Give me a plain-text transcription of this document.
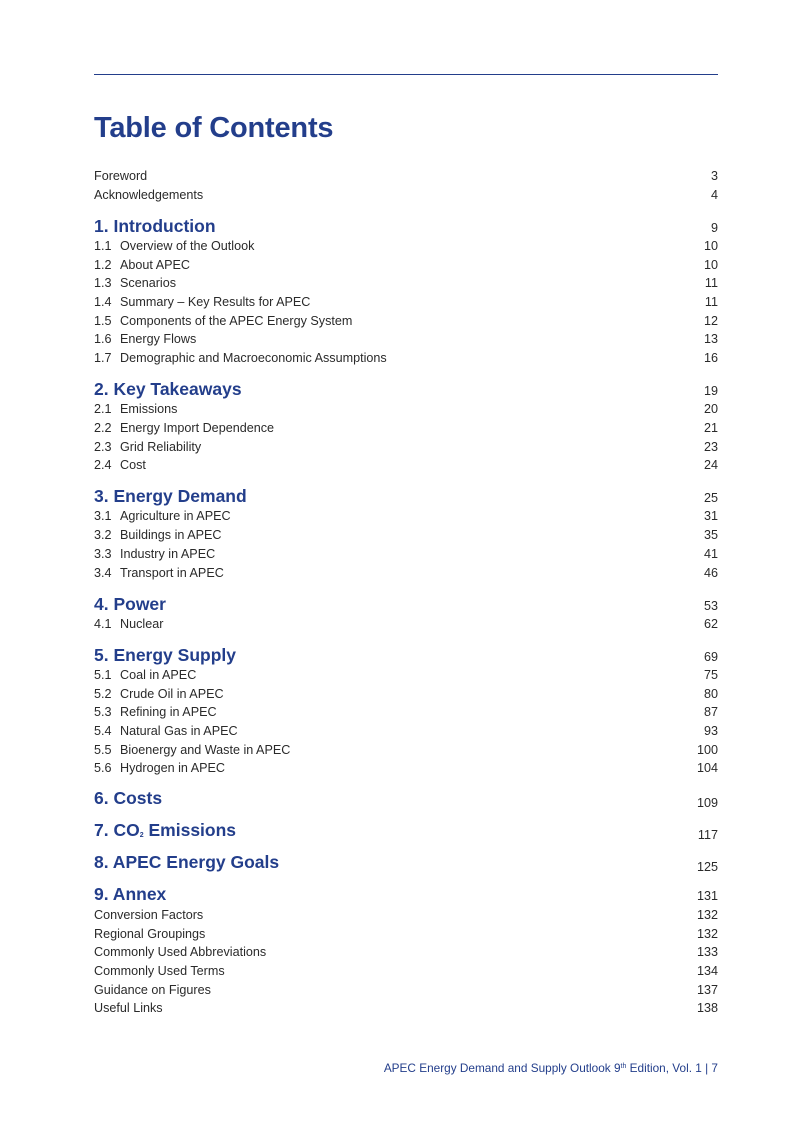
Table of Contents
Foreword	3
Acknowledgements	4
1. Introduction	9
1.1 Overview of the Outlook	10
1.2 About APEC	10
1.3 Scenarios	11
1.4 Summary – Key Results for APEC	11
1.5 Components of the APEC Energy System	12
1.6 Energy Flows	13
1.7 Demographic and Macroeconomic Assumptions	16
2. Key Takeaways	19
2.1 Emissions	20
2.2 Energy Import Dependence	21
2.3 Grid Reliability	23
2.4 Cost	24
3. Energy Demand	25
3.1 Agriculture in APEC	31
3.2 Buildings in APEC	35
3.3 Industry in APEC	41
3.4 Transport in APEC	46
4. Power	53
4.1 Nuclear	62
5. Energy Supply	69
5.1 Coal in APEC	75
5.2 Crude Oil in APEC	80
5.3 Refining in APEC	87
5.4 Natural Gas in APEC	93
5.5 Bioenergy and Waste in APEC	100
5.6 Hydrogen in APEC	104
6. Costs	109
7. $CO_2$ Emissions	117
8. APEC Energy Goals	125
9. Annex	131
Conversion Factors	132
Regional Groupings	132
Commonly Used Abbreviations	133
Commonly Used Terms	134
Guidance on Figures	137
Useful Links	138
APEC Energy Demand and Supply Outlook 9th Edition, Vol. 1 | 7
